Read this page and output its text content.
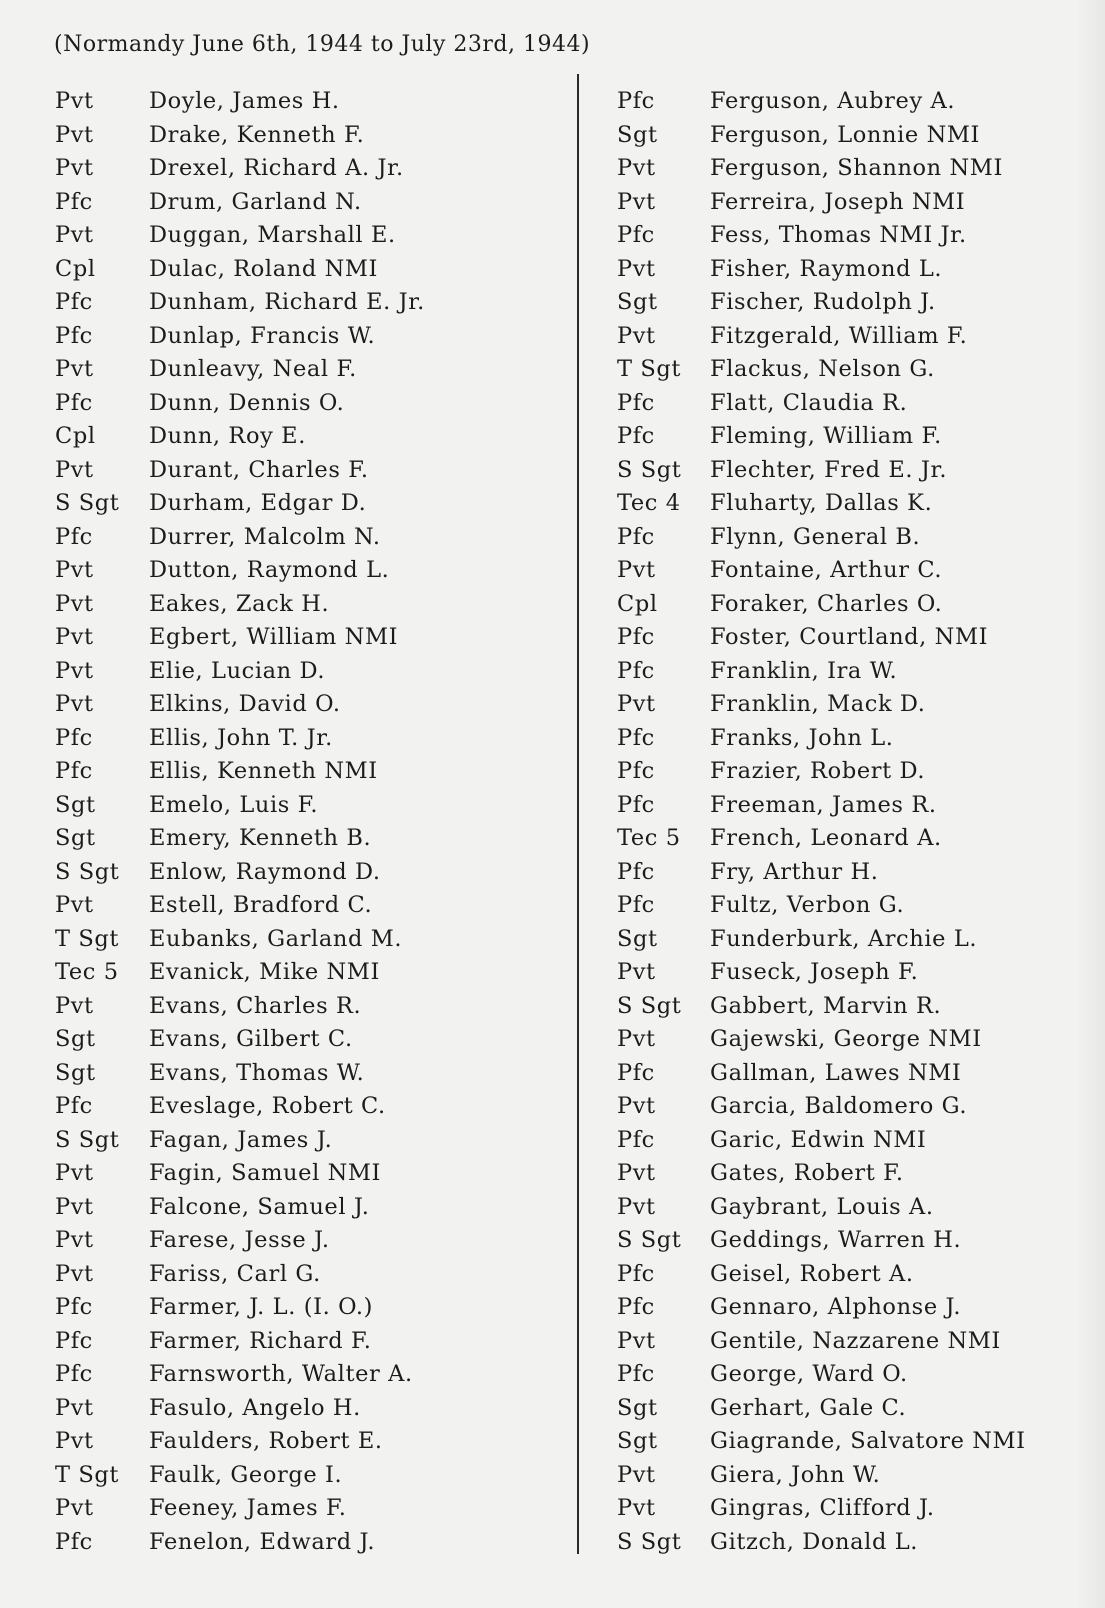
(Normandy June 6th, 1944 to July 23rd, 1944)
Pvt Doyle, James H.
Pvt Drake, Kenneth F.
Pvt Drexel, Richard A. Jr.
Pfc Drum, Garland N.
Pvt Duggan, Marshall E.
Cpl Dulac, Roland NMI
Pfc Dunham, Richard E. Jr.
Pfc Dunlap, Francis W.
Pvt Dunleavy, Neal F.
Pfc Dunn, Dennis O.
Cpl Dunn, Roy E.
Pvt Durant, Charles F.
S Sgt Durham, Edgar D.
Pfc Durrer, Malcolm N.
Pvt Dutton, Raymond L.
Pvt Eakes, Zack H.
Pvt Egbert, William NMI
Pvt Elie, Lucian D.
Pvt Elkins, David O.
Pfc Ellis, John T. Jr.
Pfc Ellis, Kenneth NMI
Sgt Emelo, Luis F.
Sgt Emery, Kenneth B.
S Sgt Enlow, Raymond D.
Pvt Estell, Bradford C.
T Sgt Eubanks, Garland M.
Tec 5 Evanick, Mike NMI
Pvt Evans, Charles R.
Sgt Evans, Gilbert C.
Sgt Evans, Thomas W.
Pfc Eveslage, Robert C.
S Sgt Fagan, James J.
Pvt Fagin, Samuel NMI
Pvt Falcone, Samuel J.
Pvt Farese, Jesse J.
Pvt Fariss, Carl G.
Pfc Farmer, J. L. (I. O.)
Pfc Farmer, Richard F.
Pfc Farnsworth, Walter A.
Pvt Fasulo, Angelo H.
Pvt Faulders, Robert E.
T Sgt Faulk, George I.
Pvt Feeney, James F.
Pfc Fenelon, Edward J.
Pfc Ferguson, Aubrey A.
Sgt Ferguson, Lonnie NMI
Pvt Ferguson, Shannon NMI
Pvt Ferreira, Joseph NMI
Pfc Fess, Thomas NMI Jr.
Pvt Fisher, Raymond L.
Sgt Fischer, Rudolph J.
Pvt Fitzgerald, William F.
T Sgt Flackus, Nelson G.
Pfc Flatt, Claudia R.
Pfc Fleming, William F.
S Sgt Flechter, Fred E. Jr.
Tec 4 Fluharty, Dallas K.
Pfc Flynn, General B.
Pvt Fontaine, Arthur C.
Cpl Foraker, Charles O.
Pfc Foster, Courtland, NMI
Pfc Franklin, Ira W.
Pvt Franklin, Mack D.
Pfc Franks, John L.
Pfc Frazier, Robert D.
Pfc Freeman, James R.
Tec 5 French, Leonard A.
Pfc Fry, Arthur H.
Pfc Fultz, Verbon G.
Sgt Funderburk, Archie L.
Pvt Fuseck, Joseph F.
S Sgt Gabbert, Marvin R.
Pvt Gajewski, George NMI
Pfc Gallman, Lawes NMI
Pvt Garcia, Baldomero G.
Pfc Garic, Edwin NMI
Pvt Gates, Robert F.
Pvt Gaybrant, Louis A.
S Sgt Geddings, Warren H.
Pfc Geisel, Robert A.
Pfc Gennaro, Alphonse J.
Pvt Gentile, Nazzarene NMI
Pfc George, Ward O.
Sgt Gerhart, Gale C.
Sgt Giagrande, Salvatore NMI
Pvt Giera, John W.
Pvt Gingras, Clifford J.
S Sgt Gitzch, Donald L.
